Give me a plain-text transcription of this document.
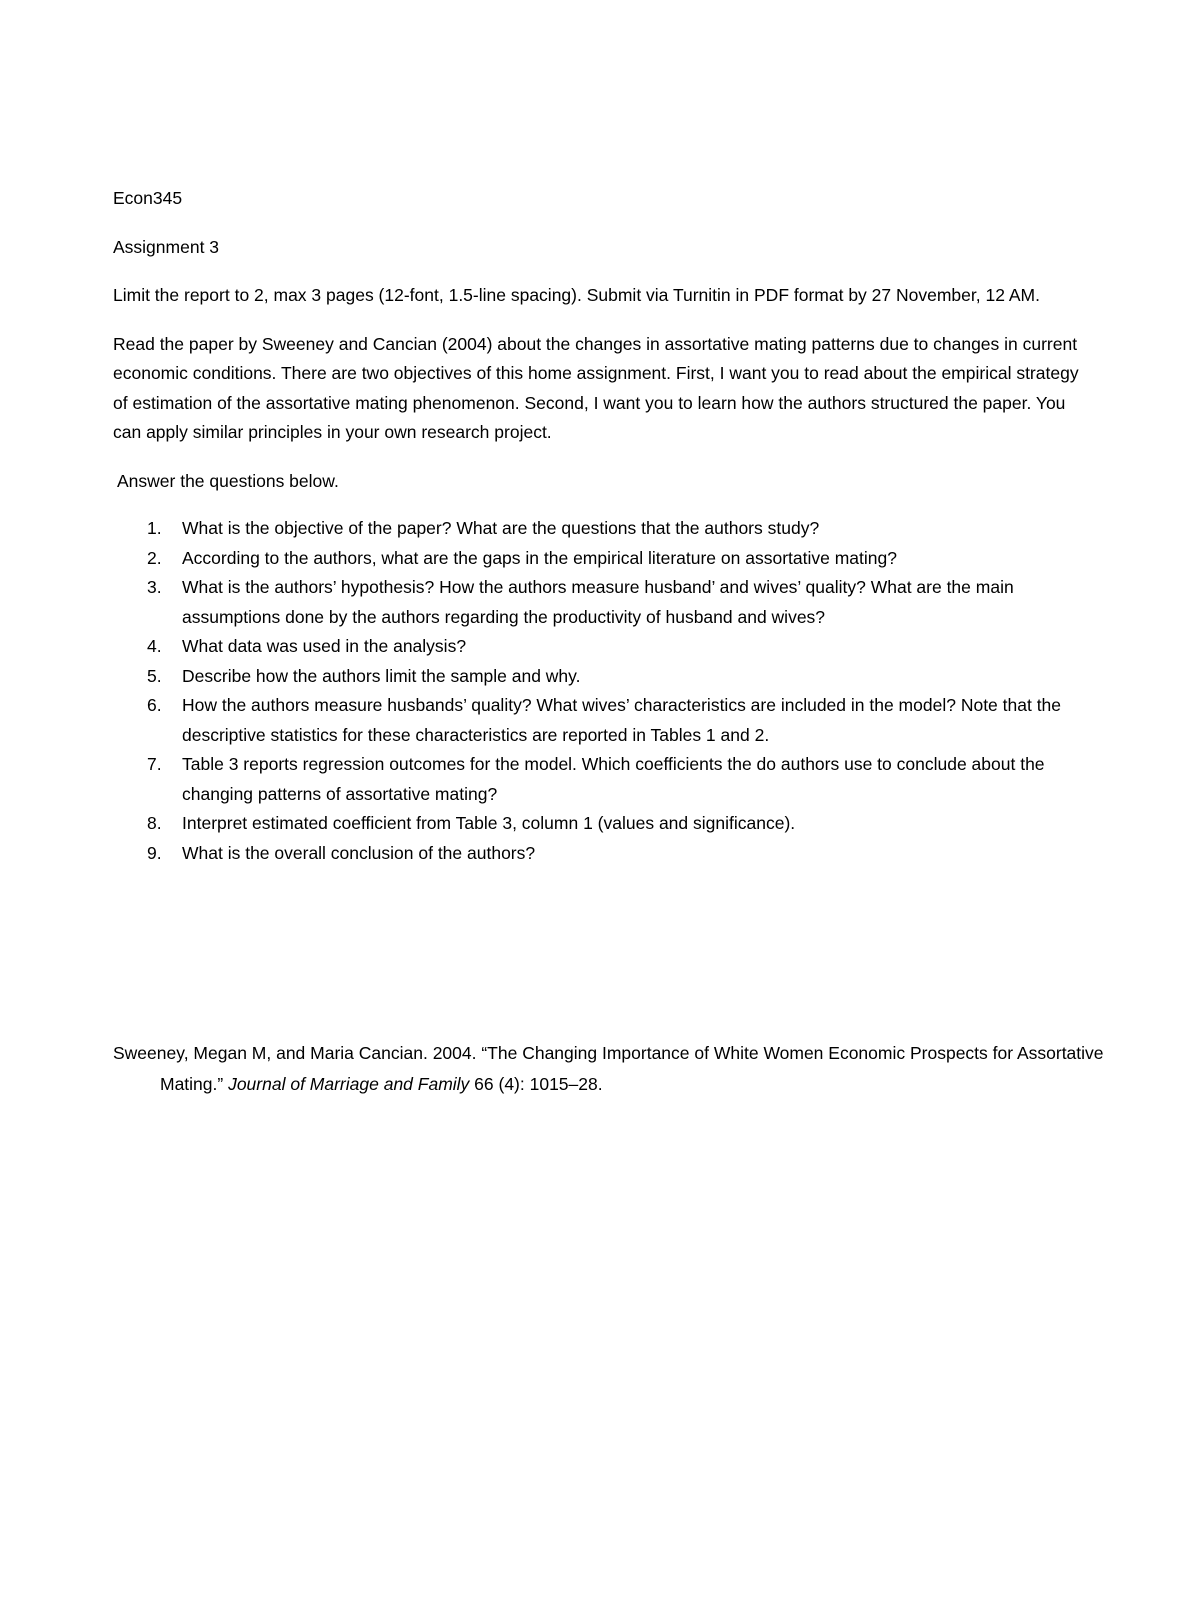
Econ345

Assignment 3

Limit the report to 2, max 3 pages (12-font, 1.5-line spacing). Submit via Turnitin in PDF format by 27 November, 12 AM.

Read the paper by Sweeney and Cancian (2004) about the changes in assortative mating patterns due to changes in current economic conditions. There are two objectives of this home assignment. First, I want you to read about the empirical strategy of estimation of the assortative mating phenomenon. Second, I want you to learn how the authors structured the paper. You can apply similar principles in your own research project.

Answer the questions below.

1. What is the objective of the paper? What are the questions that the authors study?
2. According to the authors, what are the gaps in the empirical literature on assortative mating?
3. What is the authors’ hypothesis? How the authors measure husband’ and wives’ quality? What are the main assumptions done by the authors regarding the productivity of husband and wives?
4. What data was used in the analysis?
5. Describe how the authors limit the sample and why.
6. How the authors measure husbands’ quality? What wives’ characteristics are included in the model? Note that the descriptive statistics for these characteristics are reported in Tables 1 and 2.
7. Table 3 reports regression outcomes for the model. Which coefficients the do authors use to conclude about the changing patterns of assortative mating?
8. Interpret estimated coefficient from Table 3, column 1 (values and significance).
9. What is the overall conclusion of the authors?

Sweeney, Megan M, and Maria Cancian. 2004. “The Changing Importance of White Women Economic Prospects for Assortative Mating.” Journal of Marriage and Family 66 (4): 1015–28.
